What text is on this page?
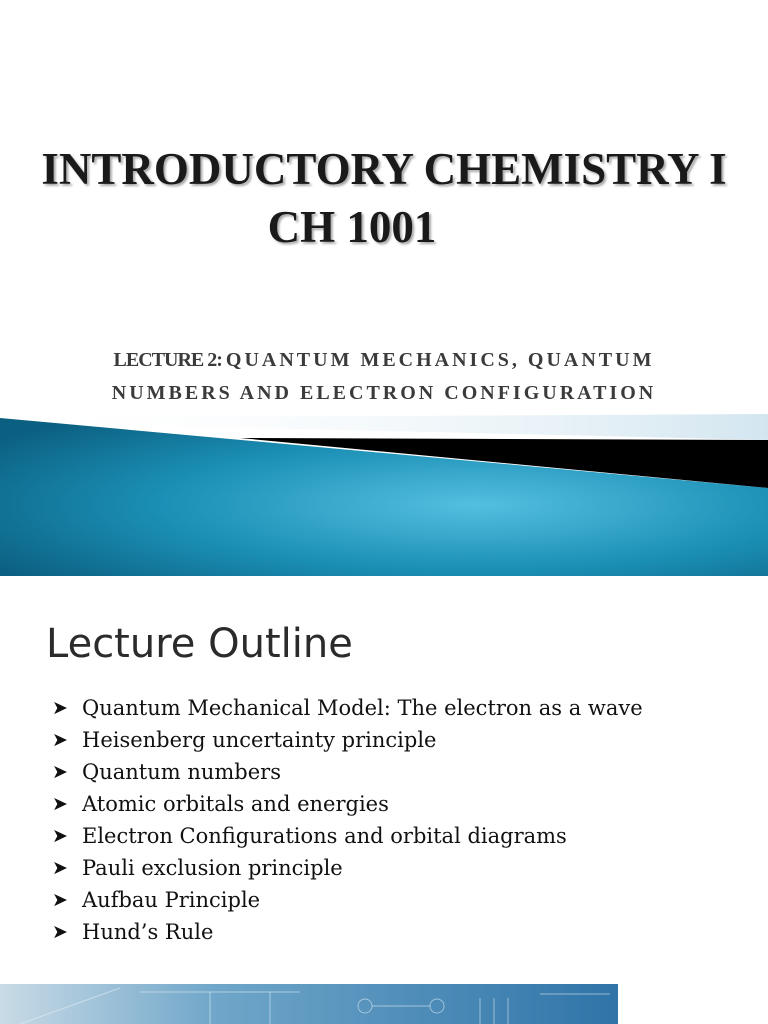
INTRODUCTORY CHEMISTRY I
CH 1001

LECTURE 2: QUANTUM MECHANICS, QUANTUM
NUMBERS AND ELECTRON CONFIGURATION

Lecture Outline
➤ Quantum Mechanical Model: The electron as a wave
➤ Heisenberg uncertainty principle
➤ Quantum numbers
➤ Atomic orbitals and energies
➤ Electron Configurations and orbital diagrams
➤ Pauli exclusion principle
➤ Aufbau Principle
➤ Hund’s Rule
